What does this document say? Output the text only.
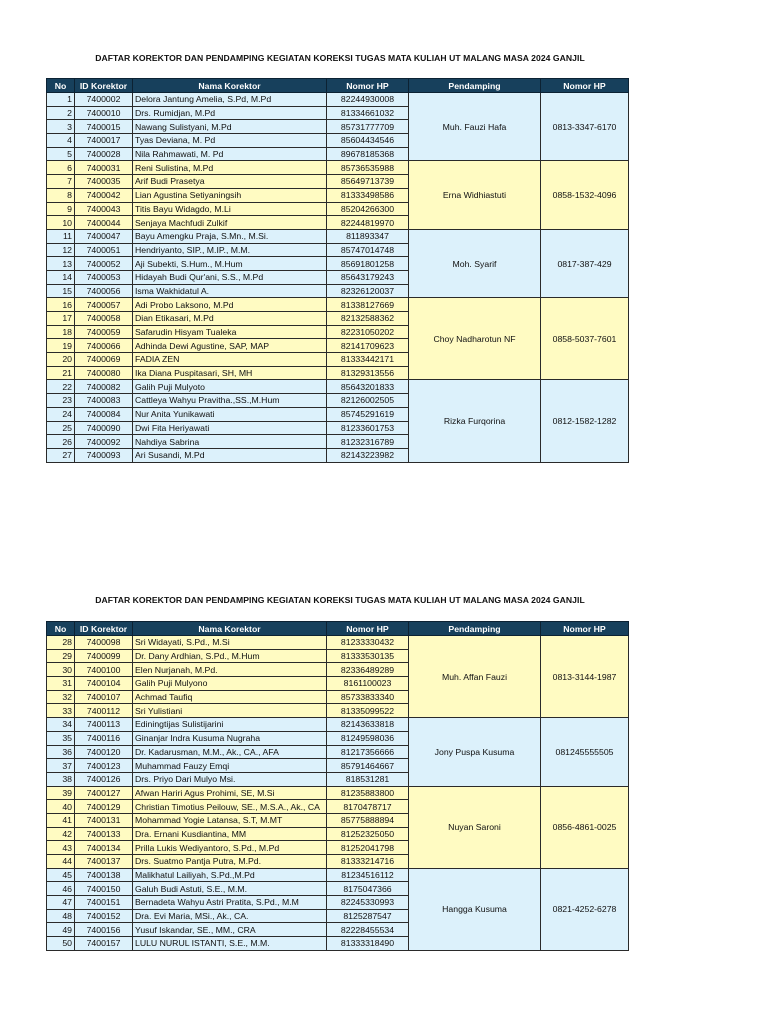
DAFTAR KOREKTOR DAN PENDAMPING KEGIATAN KOREKSI TUGAS MATA KULIAH UT MALANG MASA 2024 GANJIL
No	ID Korektor	Nama Korektor	Nomor HP	Pendamping	Nomor HP
1	7400002	Delora Jantung Amelia, S.Pd, M.Pd	82244930008	Muh. Fauzi Hafa	0813-3347-6170
2	7400010	Drs. Rumidjan, M.Pd	81334661032		
3	7400015	Nawang Sulistyani, M.Pd	85731777709		
4	7400017	Tyas Deviana, M. Pd	85604434546		
5	7400028	Nila Rahmawati, M. Pd	89678185368		
6	7400031	Reni Sulistina, M.Pd	85736535988	Erna Widhiastuti	0858-1532-4096
7	7400035	Arif Budi Prasetya	85649713739		
8	7400042	Lian Agustina Setiyaningsih	81333498586		
9	7400043	Titis Bayu Widagdo, M.Li	85204266300		
10	7400044	Senjaya Machfudi Zulkif	82244819970		
11	7400047	Bayu Amengku Praja, S.Mn., M.Si.	811893347	Moh. Syarif	0817-387-429
12	7400051	Hendriyanto, SIP., M.IP., M.M.	85747014748		
13	7400052	Aji Subekti, S.Hum., M.Hum	85691801258		
14	7400053	Hidayah Budi Qur'ani, S.S., M.Pd	85643179243		
15	7400056	Isma Wakhidatul A.	82326120037		
16	7400057	Adi Probo Laksono, M.Pd	81338127669	Choy Nadharotun NF	0858-5037-7601
17	7400058	Dian Etikasari, M.Pd	82132588362		
18	7400059	Safarudin Hisyam Tualeka	82231050202		
19	7400066	Adhinda Dewi Agustine, SAP, MAP	82141709623		
20	7400069	FADIA ZEN	81333442171		
21	7400080	Ika Diana Puspitasari, SH, MH	81329313556		
22	7400082	Galih Puji Mulyoto	85643201833	Rizka Furqorina	0812-1582-1282
23	7400083	Cattleya Wahyu Pravitha.,SS.,M.Hum	82126002505		
24	7400084	Nur Anita Yunikawati	85745291619		
25	7400090	Dwi Fita Heriyawati	81233601753		
26	7400092	Nahdiya Sabrina	81232316789		
27	7400093	Ari Susandi, M.Pd	82143223982		
DAFTAR KOREKTOR DAN PENDAMPING KEGIATAN KOREKSI TUGAS MATA KULIAH UT MALANG MASA 2024 GANJIL
No	ID Korektor	Nama Korektor	Nomor HP	Pendamping	Nomor HP
28	7400098	Sri Widayati, S.Pd., M.Si	81233330432	Muh. Affan Fauzi	0813-3144-1987
29	7400099	Dr. Dany Ardhian, S.Pd., M.Hum	81333530135		
30	7400100	Elen Nurjanah, M.Pd.	82336489289		
31	7400104	Galih Puji Mulyono	8161100023		
32	7400107	Achmad Taufiq	85733833340		
33	7400112	Sri Yulistiani	81335099522		
34	7400113	Ediningtijas Sulistijarini	82143633818	Jony Puspa Kusuma	081245555505
35	7400116	Ginanjar Indra Kusuma Nugraha	81249598036		
36	7400120	Dr. Kadarusman, M.M., Ak., CA., AFA	81217356666		
37	7400123	Muhammad Fauzy Emqi	85791464667		
38	7400126	Drs. Priyo Dari Mulyo Msi.	818531281		
39	7400127	Afwan Hariri Agus Prohimi, SE, M.Si	81235883800	Nuyan Saroni	0856-4861-0025
40	7400129	Christian Timotius Peilouw, SE., M.S.A., Ak., CA	8170478717		
41	7400131	Mohammad Yogie Latansa, S.T, M.MT	85775888894		
42	7400133	Dra. Ernani Kusdiantina, MM	81252325050		
43	7400134	Prilla Lukis Wediyantoro, S.Pd., M.Pd	81252041798		
44	7400137	Drs. Suatmo Pantja Putra, M.Pd.	81333214716		
45	7400138	Malikhatul Lailiyah, S.Pd.,M.Pd	81234516112	Hangga Kusuma	0821-4252-6278
46	7400150	Galuh Budi Astuti, S.E., M.M.	8175047366		
47	7400151	Bernadeta Wahyu Astri Pratita, S.Pd., M.M	82245330993		
48	7400152	Dra. Evi Maria, MSi., Ak., CA.	8125287547		
49	7400156	Yusuf Iskandar, SE., MM., CRA	82228455534		
50	7400157	LULU NURUL ISTANTI, S.E., M.M.	81333318490		
